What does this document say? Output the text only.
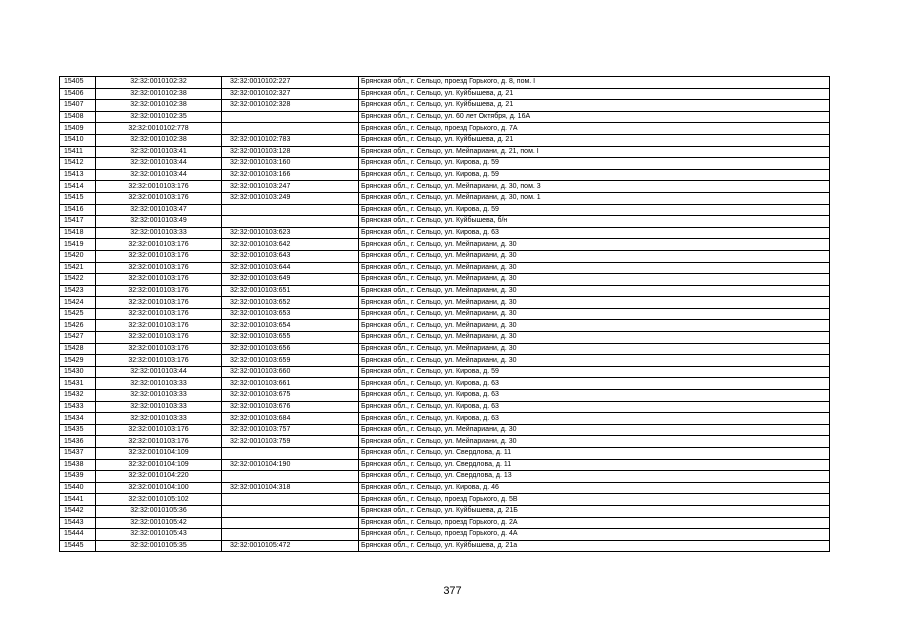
15405	32:32:0010102:32	32:32:0010102:227	Брянская обл., г. Сельцо, проезд Горького, д. 8, пом. I
15406	32:32:0010102:38	32:32:0010102:327	Брянская обл., г. Сельцо, ул. Куйбышева, д. 21
15407	32:32:0010102:38	32:32:0010102:328	Брянская обл., г. Сельцо, ул. Куйбышева, д. 21
15408	32:32:0010102:35		Брянская обл., г. Сельцо, ул. 60 лет Октября, д. 16А
15409	32:32:0010102:778		Брянская обл., г. Сельцо, проезд Горького, д. 7А
15410	32:32:0010102:38	32:32:0010102:783	Брянская обл., г. Сельцо, ул. Куйбышева, д. 21
15411	32:32:0010103:41	32:32:0010103:128	Брянская обл., г. Сельцо, ул. Мейпариани, д. 21, пом. I
15412	32:32:0010103:44	32:32:0010103:160	Брянская обл., г. Сельцо, ул. Кирова, д. 59
15413	32:32:0010103:44	32:32:0010103:166	Брянская обл., г. Сельцо, ул. Кирова, д. 59
15414	32:32:0010103:176	32:32:0010103:247	Брянская обл., г. Сельцо, ул. Мейпариани, д. 30, пом. 3
15415	32:32:0010103:176	32:32:0010103:249	Брянская обл., г. Сельцо, ул. Мейпариани, д. 30, пом. 1
15416	32:32:0010103:47		Брянская обл., г. Сельцо, ул. Кирова, д. 59
15417	32:32:0010103:49		Брянская обл., г. Сельцо, ул. Куйбышева, б/н
15418	32:32:0010103:33	32:32:0010103:623	Брянская обл., г. Сельцо, ул. Кирова, д. 63
15419	32:32:0010103:176	32:32:0010103:642	Брянская обл., г. Сельцо, ул. Мейпариани, д. 30
15420	32:32:0010103:176	32:32:0010103:643	Брянская обл., г. Сельцо, ул. Мейпариани, д. 30
15421	32:32:0010103:176	32:32:0010103:644	Брянская обл., г. Сельцо, ул. Мейпариани, д. 30
15422	32:32:0010103:176	32:32:0010103:649	Брянская обл., г. Сельцо, ул. Мейпариани, д. 30
15423	32:32:0010103:176	32:32:0010103:651	Брянская обл., г. Сельцо, ул. Мейпариани, д. 30
15424	32:32:0010103:176	32:32:0010103:652	Брянская обл., г. Сельцо, ул. Мейпариани, д. 30
15425	32:32:0010103:176	32:32:0010103:653	Брянская обл., г. Сельцо, ул. Мейпариани, д. 30
15426	32:32:0010103:176	32:32:0010103:654	Брянская обл., г. Сельцо, ул. Мейпариани, д. 30
15427	32:32:0010103:176	32:32:0010103:655	Брянская обл., г. Сельцо, ул. Мейпариани, д. 30
15428	32:32:0010103:176	32:32:0010103:656	Брянская обл., г. Сельцо, ул. Мейпариани, д. 30
15429	32:32:0010103:176	32:32:0010103:659	Брянская обл., г. Сельцо, ул. Мейпариани, д. 30
15430	32:32:0010103:44	32:32:0010103:660	Брянская обл., г. Сельцо, ул. Кирова, д. 59
15431	32:32:0010103:33	32:32:0010103:661	Брянская обл., г. Сельцо, ул. Кирова, д. 63
15432	32:32:0010103:33	32:32:0010103:675	Брянская обл., г. Сельцо, ул. Кирова, д. 63
15433	32:32:0010103:33	32:32:0010103:676	Брянская обл., г. Сельцо, ул. Кирова, д. 63
15434	32:32:0010103:33	32:32:0010103:684	Брянская обл., г. Сельцо, ул. Кирова, д. 63
15435	32:32:0010103:176	32:32:0010103:757	Брянская обл., г. Сельцо, ул. Мейпариани, д. 30
15436	32:32:0010103:176	32:32:0010103:759	Брянская обл., г. Сельцо, ул. Мейпариани, д. 30
15437	32:32:0010104:109		Брянская обл., г. Сельцо, ул. Свердлова, д. 11
15438	32:32:0010104:109	32:32:0010104:190	Брянская обл., г. Сельцо, ул. Свердлова, д. 11
15439	32:32:0010104:220		Брянская обл., г. Сельцо, ул. Свердлова, д. 13
15440	32:32:0010104:100	32:32:0010104:318	Брянская обл., г. Сельцо, ул. Кирова, д. 46
15441	32:32:0010105:102		Брянская обл., г. Сельцо, проезд Горького, д. 5В
15442	32:32:0010105:36		Брянская обл., г. Сельцо, ул. Куйбышева, д. 21Б
15443	32:32:0010105:42		Брянская обл., г. Сельцо, проезд Горького, д. 2А
15444	32:32:0010105:43		Брянская обл., г. Сельцо, проезд Горького, д. 4А
15445	32:32:0010105:35	32:32:0010105:472	Брянская обл., г. Сельцо, ул. Куйбышева, д. 21а
377
